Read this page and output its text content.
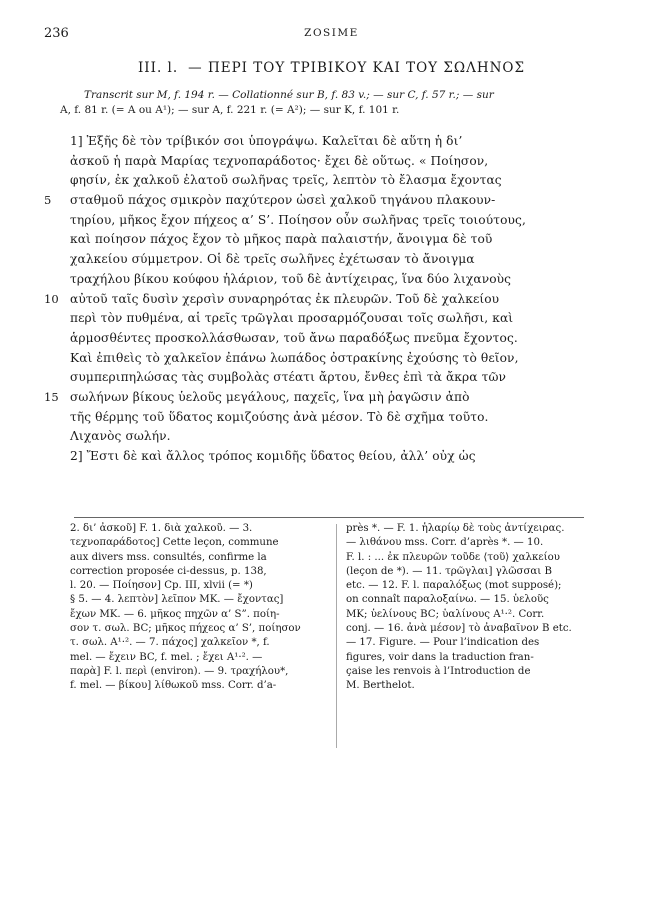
236	ZOSIME
III. l. — ΠΕΡΙ ΤΟΥ ΤΡΙΒΙΚΟΥ ΚΑΙ ΤΟΥ ΣΩΛΗΝΟΣ

Transcrit sur M, f. 194 r. — Collationné sur B, f. 83 v.; — sur C, f. 57 r.; — sur

A, f. 81 r. (= A ou A¹); — sur A, f. 221 r. (= A²); — sur K, f. 101 r.

1] Ἑξῆς δὲ τὸν τρίβικόν σοι ὑπογράψω. Καλεῖται δὲ αὕτη ἡ δι’
ἀσκοῦ ἡ παρὰ Μαρίας τεχνοπαράδοτος· ἔχει δὲ οὕτως. « Ποίησον,
φησίν, ἐκ χαλκοῦ ἐλατοῦ σωλῆνας τρεῖς, λεπτὸν τὸ ἔλασμα ἔχοντας
5	σταθμοῦ πάχος σμικρὸν παχύτερον ὡσεὶ χαλκοῦ τηγάνου πλακουν-
τηρίου, μῆκος ἔχον πήχεος α’ S’. Ποίησον οὖν σωλῆνας τρεῖς τοιούτους,
καὶ ποίησον πάχος ἔχον τὸ μῆκος παρὰ παλαιστήν, ἄνοιγμα δὲ τοῦ
χαλκείου σύμμετρον. Οἱ δὲ τρεῖς σωλῆνες ἐχέτωσαν τὸ ἄνοιγμα
τραχήλου βίκου κούφου ἡλάριον, τοῦ δὲ ἀντίχειρας, ἵνα δύο λιχανοὺς
10 αὐτοῦ ταῖς δυσὶν χερσὶν συναρηρότας ἐκ πλευρῶν. Τοῦ δὲ χαλκείου
περὶ τὸν πυθμένα, αἱ τρεῖς τρῶγλαι προσαρμόζουσαι τοῖς σωλῆσι, καὶ
ἁρμοσθέντες προσκολλάσθωσαν, τοῦ ἄνω παραδόξως πνεῦμα ἔχοντος.
Καὶ ἐπιθεὶς τὸ χαλκεῖον ἐπάνω λωπάδος ὀστρακίνης ἐχούσης τὸ θεῖον,
συμπεριπηλώσας τὰς συμβολὰς στέατι ἄρτου, ἔνθες ἐπὶ τὰ ἄκρα τῶν
15 σωλήνων βίκους ὑελοῦς μεγάλους, παχεῖς, ἵνα μὴ ῥαγῶσιν ἀπὸ
τῆς θέρμης τοῦ ὕδατος κομιζούσης ἀνὰ μέσον. Τὸ δὲ σχῆμα τοῦτο.
Λιχανὸς σωλήν.
2] Ἔστι δὲ καὶ ἄλλος τρόπος κομιδῆς ὕδατος θείου, ἀλλ’ οὐχ ὡς
2. δι’ ἀσκοῦ] F. 1. διὰ χαλκοῦ. — 3.
τεχνοπαράδοτος] Cette leçon, commune
aux divers mss. consultés, confirme la
correction proposée ci-dessus, p. 138,
l. 20. — Ποίησον] Cp. III, xlvii (= *)
§ 5. — 4. λεπτὸν] λεῖπον MK. — ἔχοντας]
ἔχων MK. — 6. μῆκος πηχῶν α’ S”. ποίη-
σον τ. σωλ. BC; μῆκος πήχεος α’ S’, ποίησον
τ. σωλ. A¹·². — 7. πάχος] χαλκεῖον *, f.
mel. — ἔχειν BC, f. mel. ; ἔχει A¹·². —
παρὰ] F. l. περὶ (environ). — 9. τραχήλου*,
f. mel. — βίκου] λίθωκοῦ mss. Corr. d’a-
près *. — F. 1. ἡλαρίῳ δὲ τοὺς ἀντίχειρας.
— λιθάνου mss. Corr. d’après *. — 10.
F. l. : ... ἐκ πλευρῶν τοῦδε ⟨τοῦ⟩ χαλκείου
(leçon de *). — 11. τρῶγλαι] γλῶσσαι B
etc. — 12. F. l. παραλόξως (mot supposé);
on connaît παραλοξαίνω. — 15. ὑελοῦς
MK; ὑελίνους BC; ὑαλίνους A¹·². Corr.
conj. — 16. ἀνὰ μέσον] τὸ ἀναβαῖνον B etc.
— 17. Figure. — Pour l’indication des
figures, voir dans la traduction fran-
çaise les renvois à l’Introduction de
M. Berthelot.
